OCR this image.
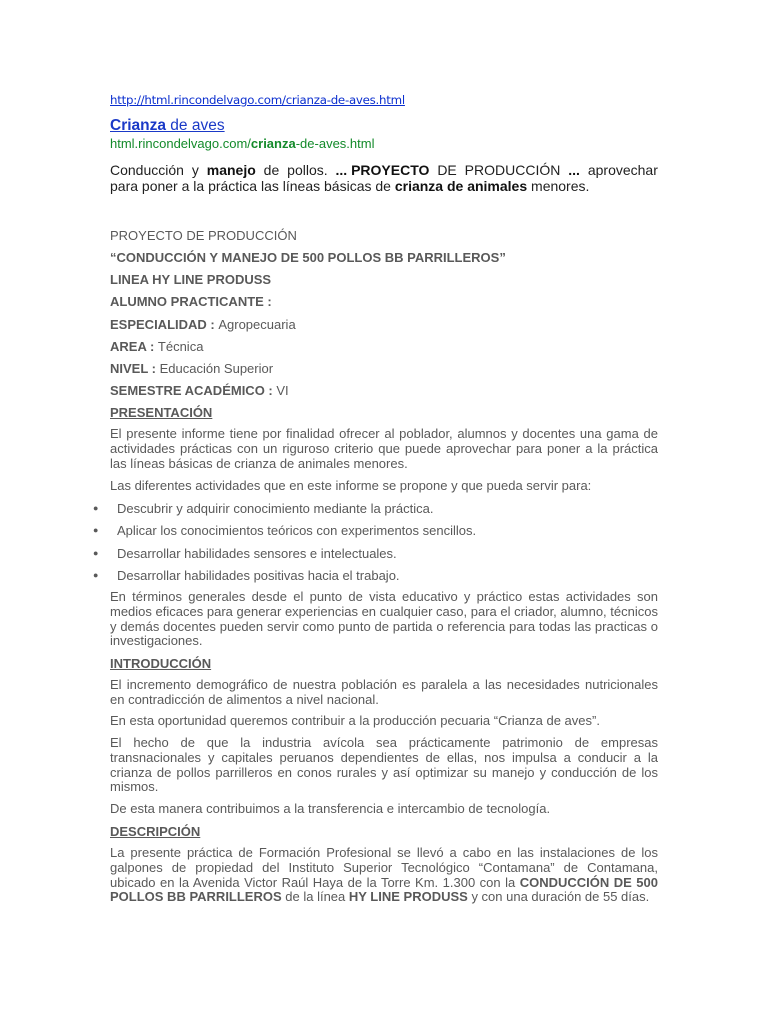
http://html.rincondelvago.com/crianza-de-aves.html
Crianza de aves
html.rincondelvago.com/crianza-de-aves.html
Conducción y manejo de pollos. ... PROYECTO DE PRODUCCIÓN ... aprovechar
para poner a la práctica las líneas básicas de crianza de animales menores.
PROYECTO DE PRODUCCIÓN
“CONDUCCIÓN Y MANEJO DE 500 POLLOS BB PARRILLEROS”
LINEA HY LINE PRODUSS
ALUMNO PRACTICANTE :
ESPECIALIDAD : Agropecuaria
AREA : Técnica
NIVEL : Educación Superior
SEMESTRE ACADÉMICO : VI
PRESENTACIÓN
El presente informe tiene por finalidad ofrecer al poblador, alumnos y docentes una gama de actividades prácticas con un riguroso criterio que puede aprovechar para poner a la práctica las líneas básicas de crianza de animales menores.
Las diferentes actividades que en este informe se propone y que pueda servir para:
● Descubrir y adquirir conocimiento mediante la práctica.
● Aplicar los conocimientos teóricos con experimentos sencillos.
● Desarrollar habilidades sensores e intelectuales.
● Desarrollar habilidades positivas hacia el trabajo.
En términos generales desde el punto de vista educativo y práctico estas actividades son medios eficaces para generar experiencias en cualquier caso, para el criador, alumno, técnicos y demás docentes pueden servir como punto de partida o referencia para todas las practicas o investigaciones.
INTRODUCCIÓN
El incremento demográfico de nuestra población es paralela a las necesidades nutricionales en contradicción de alimentos a nivel nacional.
En esta oportunidad queremos contribuir a la producción pecuaria “Crianza de aves”.
El hecho de que la industria avícola sea prácticamente patrimonio de empresas transnacionales y capitales peruanos dependientes de ellas, nos impulsa a conducir a la crianza de pollos parrilleros en conos rurales y así optimizar su manejo y conducción de los mismos.
De esta manera contribuimos a la transferencia e intercambio de tecnología.
DESCRIPCIÓN
La presente práctica de Formación Profesional se llevó a cabo en las instalaciones de los galpones de propiedad del Instituto Superior Tecnológico “Contamana” de Contamana, ubicado en la Avenida Victor Raúl Haya de la Torre Km. 1.300 con la CONDUCCIÓN DE 500 POLLOS BB PARRILLEROS de la línea HY LINE PRODUSS y con una duración de 55 días.
